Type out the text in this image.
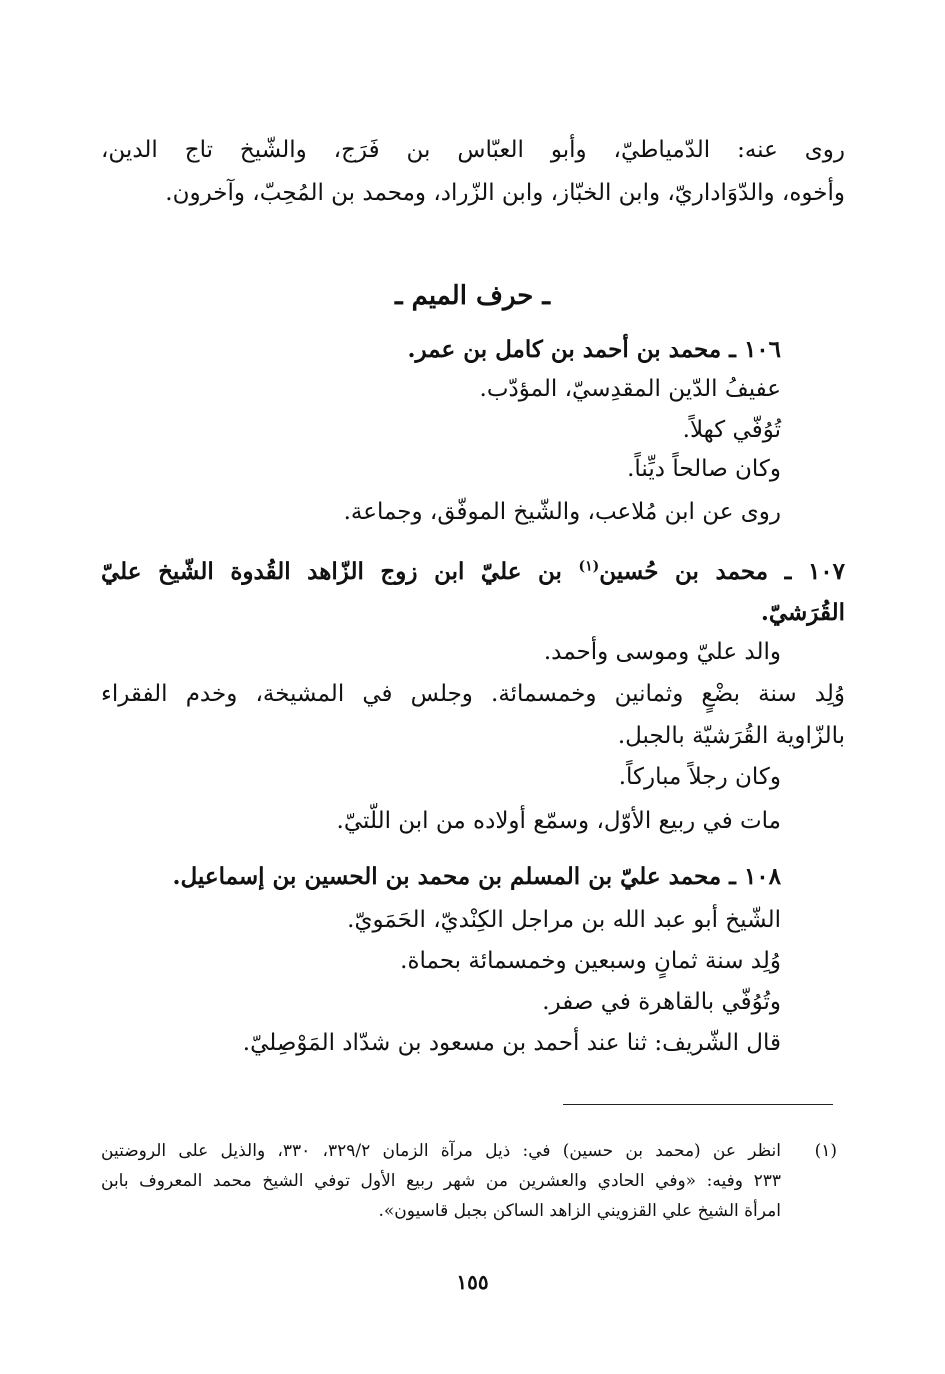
روى عنه: الدّمياطيّ، وأبو العبّاس بن فَرَج، والشّيخ تاج الدين،
وأخوه، والدّوَاداريّ، وابن الخبّاز، وابن الزّراد، ومحمد بن المُحِبّ، وآخرون.
ـ حرف الميم ـ
١٠٦ ـ محمد بن أحمد بن كامل بن عمر.
عفيفُ الدّين المقدِسيّ، المؤدّب.
تُوُفّي كهلاً.
وكان صالحاً ديِّناً.
روى عن ابن مُلاعب، والشّيخ الموفّق، وجماعة.
١٠٧ ـ محمد بن حُسين$^{(١)}$ بن عليّ ابن زوج الزّاهد القُدوة الشّيخ عليّ
القُرَشيّ.
والد عليّ وموسى وأحمد.
وُلِد سنة بضْعٍ وثمانين وخمسمائة. وجلس في المشيخة، وخدم الفقراء
بالزّاوية القُرَشيّة بالجبل.
وكان رجلاً مباركاً.
مات في ربيع الأوّل، وسمّع أولاده من ابن اللّتيّ.
١٠٨ ـ محمد عليّ بن المسلم بن محمد بن الحسين بن إسماعيل.
الشّيخ أبو عبد الله بن مراجل الكِنْديّ، الحَمَويّ.
وُلِد سنة ثمانٍ وسبعين وخمسمائة بحماة.
وتُوُفّي بالقاهرة في صفر.
قال الشّريف: ثنا عند أحمد بن مسعود بن شدّاد المَوْصِليّ.
(١)
انظر عن (محمد بن حسين) في: ذيل مرآة الزمان ٣٢٩/٢، ٣٣٠، والذيل على الروضتين
٢٣٣ وفيه: «وفي الحادي والعشرين من شهر ربيع الأول توفي الشيخ محمد المعروف بابن
امرأة الشيخ علي القزويني الزاهد الساكن بجبل قاسيون».
١٥٥
